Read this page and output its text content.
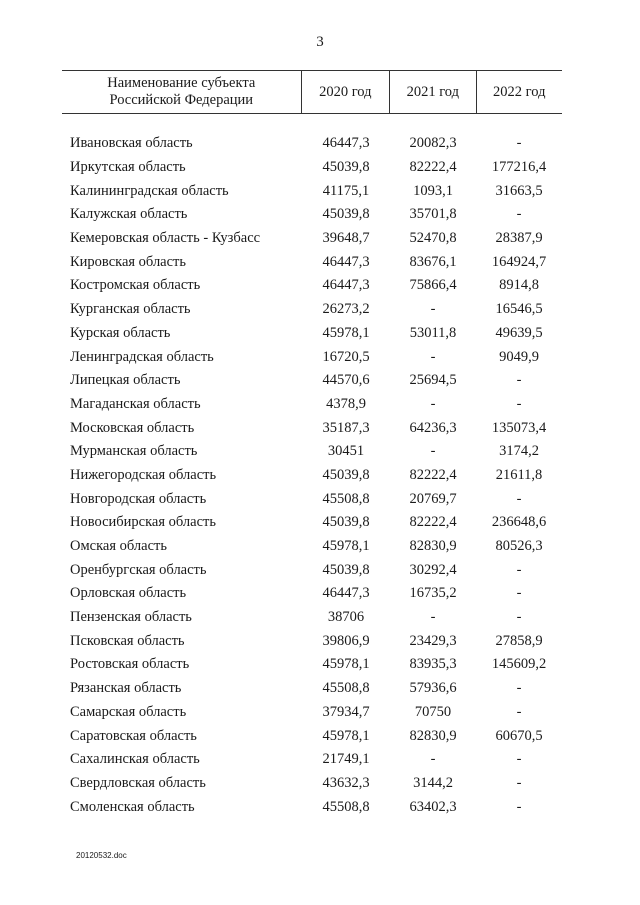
3
Наименование субъекта
Российской Федерации
2020 год	2021 год	2022 год
Ивановская область	46447,3	20082,3	-
Иркутская область	45039,8	82222,4	177216,4
Калининградская область	41175,1	1093,1	31663,5
Калужская область	45039,8	35701,8	-
Кемеровская область - Кузбасс	39648,7	52470,8	28387,9
Кировская область	46447,3	83676,1	164924,7
Костромская область	46447,3	75866,4	8914,8
Курганская область	26273,2	-	16546,5
Курская область	45978,1	53011,8	49639,5
Ленинградская область	16720,5	-	9049,9
Липецкая область	44570,6	25694,5	-
Магаданская область	4378,9	-	-
Московская область	35187,3	64236,3	135073,4
Мурманская область	30451	-	3174,2
Нижегородская область	45039,8	82222,4	21611,8
Новгородская область	45508,8	20769,7	-
Новосибирская область	45039,8	82222,4	236648,6
Омская область	45978,1	82830,9	80526,3
Оренбургская область	45039,8	30292,4	-
Орловская область	46447,3	16735,2	-
Пензенская область	38706	-	-
Псковская область	39806,9	23429,3	27858,9
Ростовская область	45978,1	83935,3	145609,2
Рязанская область	45508,8	57936,6	-
Самарская область	37934,7	70750	-
Саратовская область	45978,1	82830,9	60670,5
Сахалинская область	21749,1	-	-
Свердловская область	43632,3	3144,2	-
Смоленская область	45508,8	63402,3	-
20120532.doc
